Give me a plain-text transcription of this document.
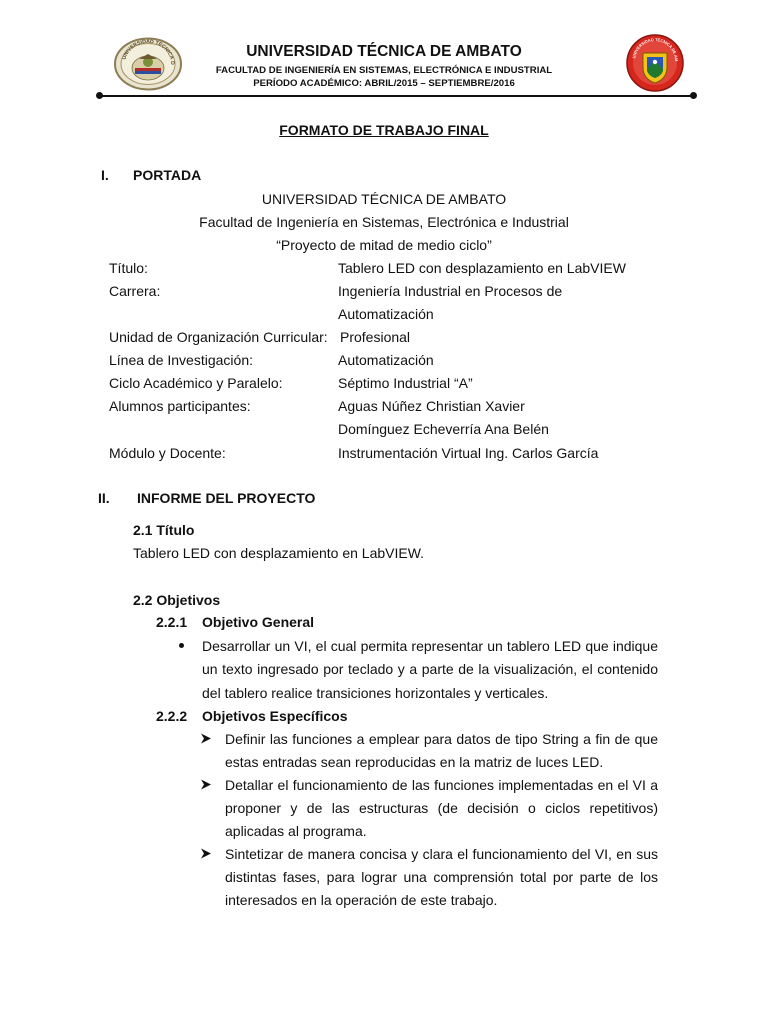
UNIVERSIDAD TÉCNICA D
UNIVERSIDAD TÉCNICA DE AMBATO
FACULTAD DE INGENIERÍA EN SISTEMAS, ELECTRÓNICA E INDUSTRIAL
PERÍODO ACADÉMICO: ABRIL/2015 – SEPTIEMBRE/2016
UNIVERSIDAD TÉCNICA DE AM
FORMATO DE TRABAJO FINAL
I. PORTADA
UNIVERSIDAD TÉCNICA DE AMBATO
Facultad de Ingeniería en Sistemas, Electrónica e Industrial
“Proyecto de mitad de medio ciclo”
Título:	Tablero LED con desplazamiento en LabVIEW
Carrera:	Ingeniería Industrial en Procesos de
Automatización
Unidad de Organización Curricular: Profesional
Línea de Investigación:	Automatización
Ciclo Académico y Paralelo:	Séptimo Industrial “A”
Alumnos participantes:	Aguas Núñez Christian Xavier
Domínguez Echeverría Ana Belén
Módulo y Docente:	Instrumentación Virtual Ing. Carlos García
II. INFORME DEL PROYECTO
2.1 Título
Tablero LED con desplazamiento en LabVIEW.
2.2 Objetivos
2.2.1 Objetivo General
Desarrollar un VI, el cual permita representar un tablero LED que indique
un texto ingresado por teclado y a parte de la visualización, el contenido
del tablero realice transiciones horizontales y verticales.
2.2.2 Objetivos Específicos
Definir las funciones a emplear para datos de tipo String a fin de que
estas entradas sean reproducidas en la matriz de luces LED.
Detallar el funcionamiento de las funciones implementadas en el VI a
proponer y de las estructuras (de decisión o ciclos repetitivos)
aplicadas al programa.
Sintetizar de manera concisa y clara el funcionamiento del VI, en sus
distintas fases, para lograr una comprensión total por parte de los
interesados en la operación de este trabajo.
